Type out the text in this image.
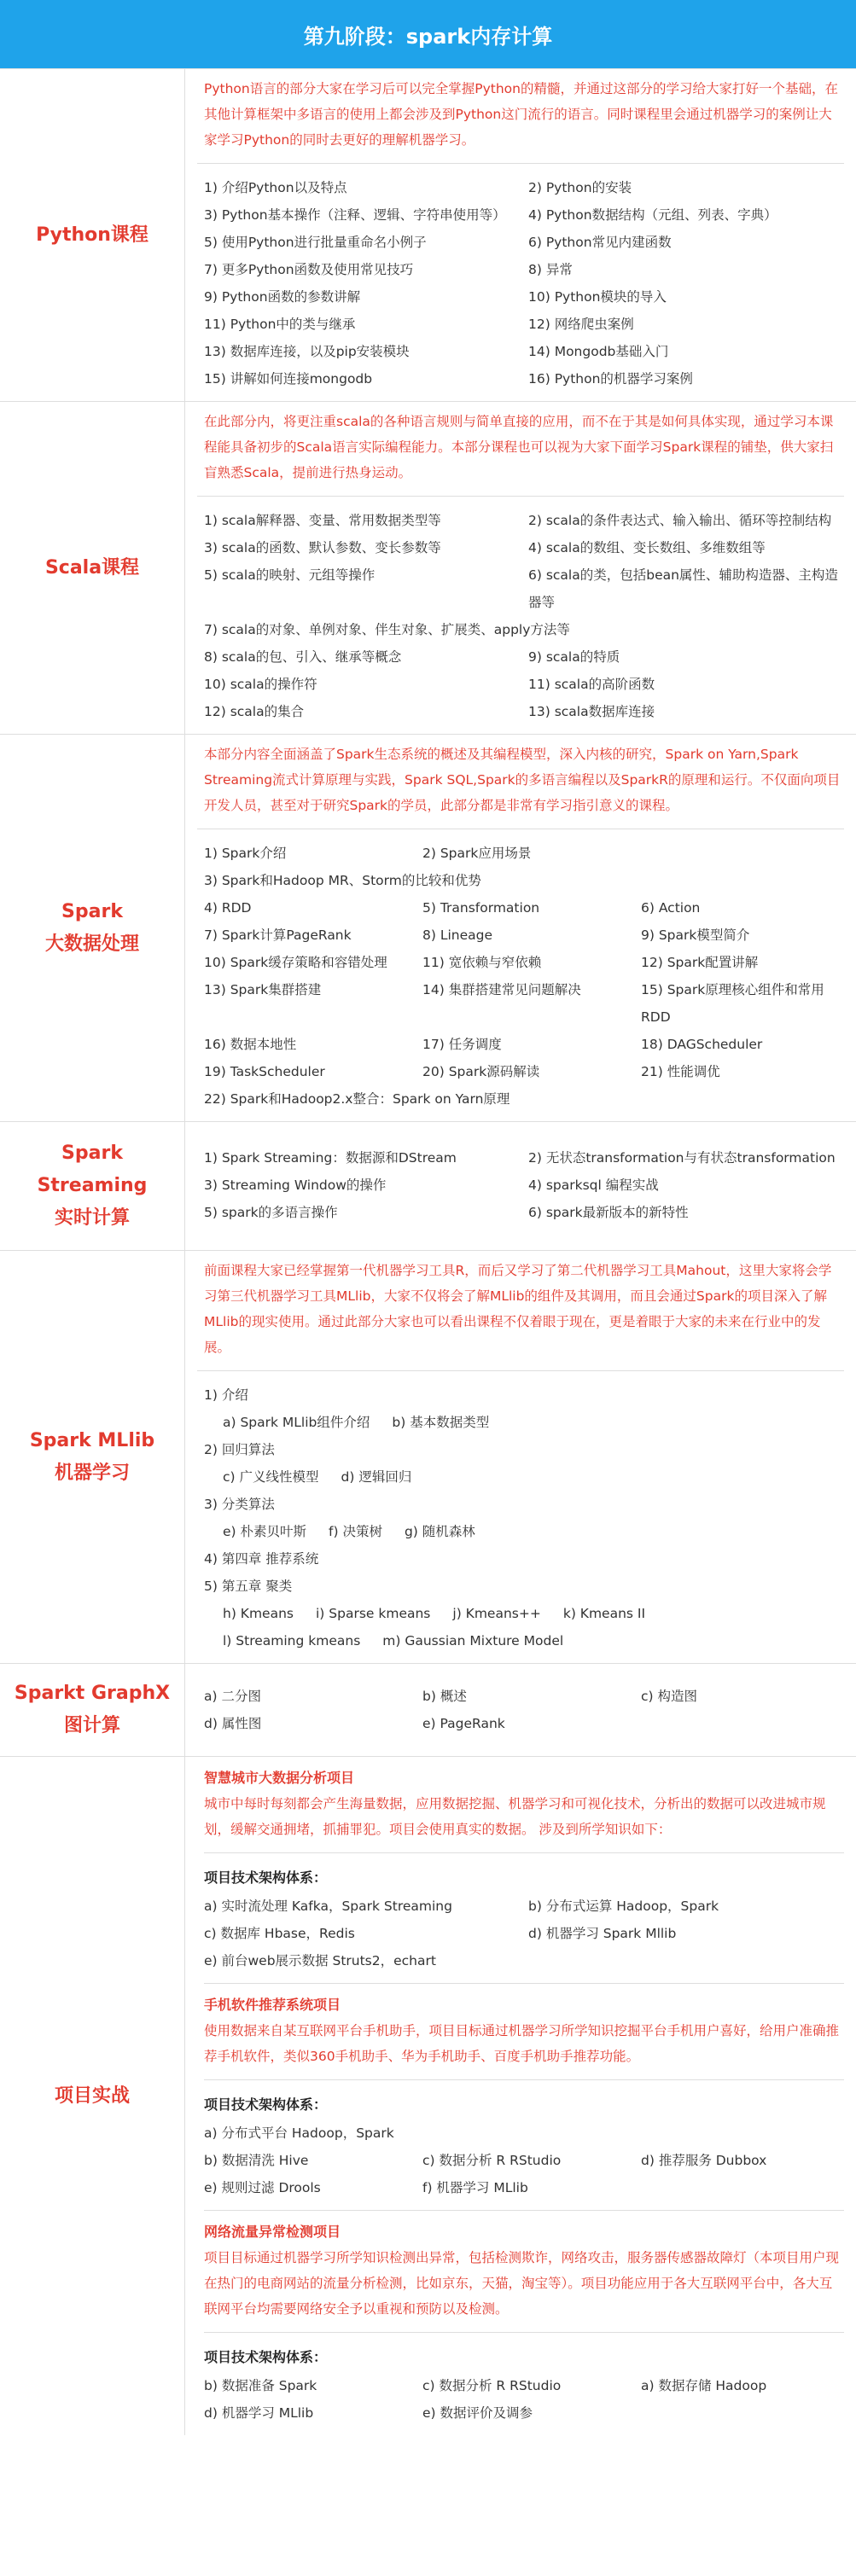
第九阶段：spark内存计算
Python课程
Python语言的部分大家在学习后可以完全掌握Python的精髓，并通过这部分的学习给大家打好一个基础，在其他计算框架中多语言的使用上都会涉及到Python这门流行的语言。同时课程里会通过机器学习的案例让大家学习Python的同时去更好的理解机器学习。
1) 介绍Python以及特点	2) Python的安装
3) Python基本操作（注释、逻辑、字符串使用等）	4) Python数据结构（元组、列表、字典）
5) 使用Python进行批量重命名小例子	6) Python常见内建函数
7) 更多Python函数及使用常见技巧	8) 异常
9) Python函数的参数讲解	10) Python模块的导入
11) Python中的类与继承	12) 网络爬虫案例
13) 数据库连接，以及pip安装模块	14) Mongodb基础入门
15) 讲解如何连接mongodb	16) Python的机器学习案例
Scala课程
在此部分内，将更注重scala的各种语言规则与简单直接的应用，而不在于其是如何具体实现，通过学习本课程能具备初步的Scala语言实际编程能力。本部分课程也可以视为大家下面学习Spark课程的铺垫，供大家扫盲熟悉Scala，提前进行热身运动。
1) scala解释器、变量、常用数据类型等	2) scala的条件表达式、输入输出、循环等控制结构
3) scala的函数、默认参数、变长参数等	4) scala的数组、变长数组、多维数组等
5) scala的映射、元组等操作	6) scala的类，包括bean属性、辅助构造器、主构造器等
7) scala的对象、单例对象、伴生对象、扩展类、apply方法等
8) scala的包、引入、继承等概念	9) scala的特质
10) scala的操作符	11) scala的高阶函数
12) scala的集合	13) scala数据库连接
Spark
大数据处理
本部分内容全面涵盖了Spark生态系统的概述及其编程模型，深入内核的研究，Spark on Yarn,Spark Streaming流式计算原理与实践，Spark SQL,Spark的多语言编程以及SparkR的原理和运行。不仅面向项目开发人员，甚至对于研究Spark的学员，此部分都是非常有学习指引意义的课程。
1) Spark介绍	2) Spark应用场景
3) Spark和Hadoop MR、Storm的比较和优势
4) RDD	5) Transformation	6) Action
7) Spark计算PageRank	8) Lineage	9) Spark模型简介
10) Spark缓存策略和容错处理	11) 宽依赖与窄依赖	12) Spark配置讲解
13) Spark集群搭建	14) 集群搭建常见问题解决	15) Spark原理核心组件和常用RDD
16) 数据本地性	17) 任务调度	18) DAGScheduler
19) TaskScheduler	20) Spark源码解读	21) 性能调优
22) Spark和Hadoop2.x整合：Spark on Yarn原理
Spark
Streaming
实时计算
1) Spark Streaming：数据源和DStream	2) 无状态transformation与有状态transformation
3) Streaming Window的操作	4) sparksql 编程实战
5) spark的多语言操作	6) spark最新版本的新特性
Spark MLlib
机器学习
前面课程大家已经掌握第一代机器学习工具R，而后又学习了第二代机器学习工具Mahout，这里大家将会学习第三代机器学习工具MLlib，大家不仅将会了解MLlib的组件及其调用，而且会通过Spark的项目深入了解MLlib的现实使用。通过此部分大家也可以看出课程不仅着眼于现在，更是着眼于大家的未来在行业中的发展。
1) 介绍
a) Spark MLlib组件介绍 b) 基本数据类型
2) 回归算法
c) 广义线性模型 d) 逻辑回归
3) 分类算法
e) 朴素贝叶斯 f) 决策树 g) 随机森林
4) 第四章 推荐系统
5) 第五章 聚类
h) Kmeans i) Sparse kmeans j) Kmeans++ k) Kmeans II
l) Streaming kmeans m) Gaussian Mixture Model
Sparkt GraphX
图计算
a) 二分图	b) 概述	c) 构造图
d) 属性图	e) PageRank
项目实战
智慧城市大数据分析项目
城市中每时每刻都会产生海量数据，应用数据挖掘、机器学习和可视化技术，分析出的数据可以改进城市规划，缓解交通拥堵，抓捕罪犯。项目会使用真实的数据。 涉及到所学知识如下：
项目技术架构体系：
a) 实时流处理 Kafka，Spark Streaming	b) 分布式运算 Hadoop，Spark
c) 数据库 Hbase，Redis	d) 机器学习 Spark Mllib
e) 前台web展示数据 Struts2，echart
手机软件推荐系统项目
使用数据来自某互联网平台手机助手，项目目标通过机器学习所学知识挖掘平台手机用户喜好，给用户准确推荐手机软件，类似360手机助手、华为手机助手、百度手机助手推荐功能。
项目技术架构体系：
a) 分布式平台 Hadoop，Spark
b) 数据清洗 Hive	c) 数据分析 R RStudio	d) 推荐服务 Dubbox
e) 规则过滤 Drools	f) 机器学习 MLlib
网络流量异常检测项目
项目目标通过机器学习所学知识检测出异常，包括检测欺诈，网络攻击，服务器传感器故障灯（本项目用户现在热门的电商网站的流量分析检测，比如京东，天猫，淘宝等）。项目功能应用于各大互联网平台中，各大互联网平台均需要网络安全予以重视和预防以及检测。
项目技术架构体系：
b) 数据准备 Spark	c) 数据分析 R RStudio	a) 数据存储 Hadoop
d) 机器学习 MLlib	e) 数据评价及调参
